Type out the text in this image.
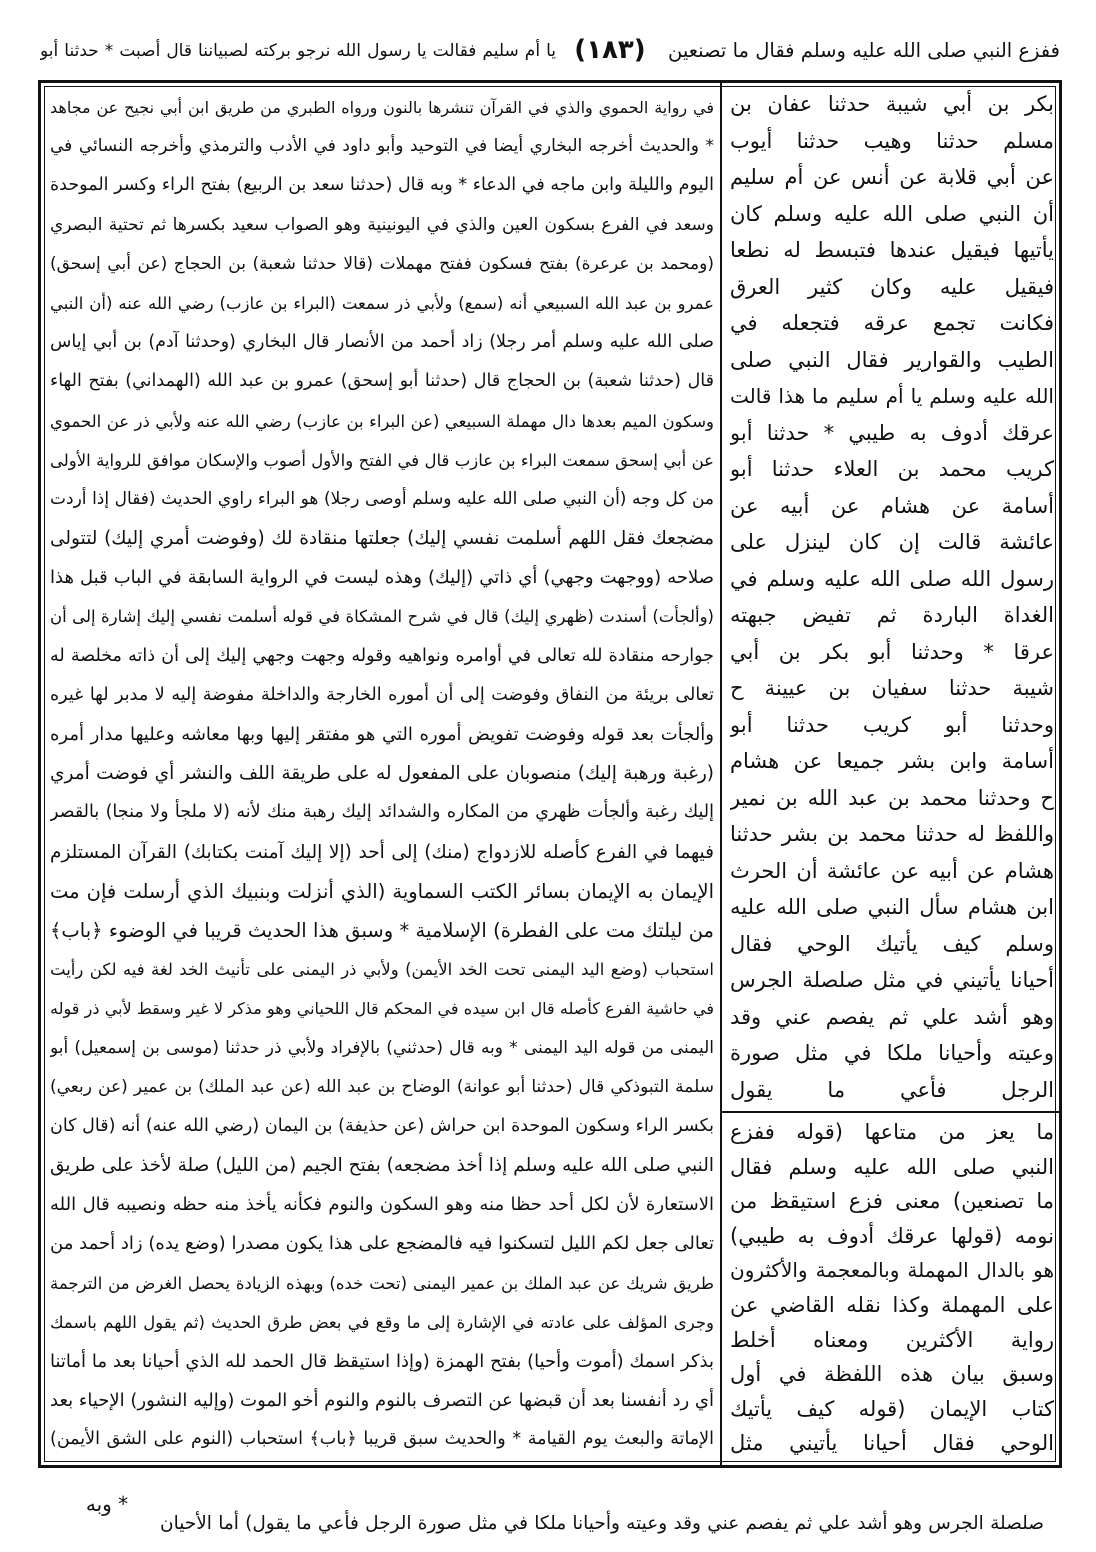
ففزع النبي صلى الله عليه وسلم فقال ما تصنعين
(١٨٣)
يا أم سليم فقالت يا رسول الله نرجو بركته لصبياننا قال أصبت * حدثنا أبو
في رواية الحموي والذي في القرآن تنشرها بالنون ورواه الطبري من طريق ابن أبي نجيح عن مجاهد
* والحديث أخرجه البخاري أيضا في التوحيد وأبو داود في الأدب والترمذي وأخرجه النسائي في
اليوم والليلة وابن ماجه في الدعاء * وبه قال (حدثنا سعد بن الربيع) بفتح الراء وكسر الموحدة
وسعد في الفرع بسكون العين والذي في اليونينية وهو الصواب سعيد بكسرها ثم تحتية البصري
(ومحمد بن عرعرة) بفتح فسكون ففتح مهملات (قالا حدثنا شعبة) بن الحجاج (عن أبي إسحق)
عمرو بن عبد الله السبيعي أنه (سمع) ولأبي ذر سمعت (البراء بن عازب) رضي الله عنه (أن النبي
صلى الله عليه وسلم أمر رجلا) زاد أحمد من الأنصار قال البخاري (وحدثنا آدم) بن أبي إياس
قال (حدثنا شعبة) بن الحجاج قال (حدثنا أبو إسحق) عمرو بن عبد الله (الهمداني) بفتح الهاء
وسكون الميم بعدها دال مهملة السبيعي (عن البراء بن عازب) رضي الله عنه ولأبي ذر عن الحموي
عن أبي إسحق سمعت البراء بن عازب قال في الفتح والأول أصوب والإسكان موافق للرواية الأولى
من كل وجه (أن النبي صلى الله عليه وسلم أوصى رجلا) هو البراء راوي الحديث (فقال إذا أردت
مضجعك فقل اللهم أسلمت نفسي إليك) جعلتها منقادة لك (وفوضت أمري إليك) لتتولى
صلاحه (ووجهت وجهي) أي ذاتي (إليك) وهذه ليست في الرواية السابقة في الباب قبل هذا
(وألجأت) أسندت (ظهري إليك) قال في شرح المشكاة في قوله أسلمت نفسي إليك إشارة إلى أن
جوارحه منقادة لله تعالى في أوامره ونواهيه وقوله وجهت وجهي إليك إلى أن ذاته مخلصة له
تعالى بريئة من النفاق وفوضت إلى أن أموره الخارجة والداخلة مفوضة إليه لا مدبر لها غيره
وألجأت بعد قوله وفوضت تفويض أموره التي هو مفتقر إليها وبها معاشه وعليها مدار أمره
(رغبة ورهبة إليك) منصوبان على المفعول له على طريقة اللف والنشر أي فوضت أمري
إليك رغبة وألجأت ظهري من المكاره والشدائد إليك رهبة منك لأنه (لا ملجأ ولا منجا) بالقصر
فيهما في الفرع كأصله للازدواج (منك) إلى أحد (إلا إليك آمنت بكتابك) القرآن المستلزم
الإيمان به الإيمان بسائر الكتب السماوية (الذي أنزلت وبنبيك الذي أرسلت فإن مت
من ليلتك مت على الفطرة) الإسلامية * وسبق هذا الحديث قريبا في الوضوء ﴿باب﴾
استحباب (وضع اليد اليمنى تحت الخد الأيمن) ولأبي ذر اليمنى على تأنيث الخد لغة فيه لكن رأيت
في حاشية الفرع كأصله قال ابن سيده في المحكم قال اللحياني وهو مذكر لا غير وسقط لأبي ذر قوله
اليمنى من قوله اليد اليمنى * وبه قال (حدثني) بالإفراد ولأبي ذر حدثنا (موسى بن إسمعيل) أبو
سلمة التبوذكي قال (حدثنا أبو عوانة) الوضاح بن عبد الله (عن عبد الملك) بن عمير (عن ربعي)
بكسر الراء وسكون الموحدة ابن حراش (عن حذيفة) بن اليمان (رضي الله عنه) أنه (قال كان
النبي صلى الله عليه وسلم إذا أخذ مضجعه) بفتح الجيم (من الليل) صلة لأخذ على طريق
الاستعارة لأن لكل أحد حظا منه وهو السكون والنوم فكأنه يأخذ منه حظه ونصيبه قال الله
تعالى جعل لكم الليل لتسكنوا فيه فالمضجع على هذا يكون مصدرا (وضع يده) زاد أحمد من
طريق شريك عن عبد الملك بن عمير اليمنى (تحت خده) وبهذه الزيادة يحصل الغرض من الترجمة
وجرى المؤلف على عادته في الإشارة إلى ما وقع في بعض طرق الحديث (ثم يقول اللهم باسمك
بذكر اسمك (أموت وأحيا) بفتح الهمزة (وإذا استيقظ قال الحمد لله الذي أحيانا بعد ما أماتنا
أي رد أنفسنا بعد أن قبضها عن التصرف بالنوم والنوم أخو الموت (وإليه النشور) الإحياء بعد
الإماتة والبعث يوم القيامة * والحديث سبق قريبا ﴿باب﴾ استحباب (النوم على الشق الأيمن)
بكر بن أبي شيبة حدثنا عفان بن
مسلم حدثنا وهيب حدثنا أيوب
عن أبي قلابة عن أنس عن أم سليم
أن النبي صلى الله عليه وسلم كان
يأتيها فيقيل عندها فتبسط له نطعا
فيقيل عليه وكان كثير العرق
فكانت تجمع عرقه فتجعله في
الطيب والقوارير فقال النبي صلى
الله عليه وسلم يا أم سليم ما هذا قالت
عرقك أدوف به طيبي * حدثنا أبو
كريب محمد بن العلاء حدثنا أبو
أسامة عن هشام عن أبيه عن
عائشة قالت إن كان لينزل على
رسول الله صلى الله عليه وسلم في
الغداة الباردة ثم تفيض جبهته
عرقا * وحدثنا أبو بكر بن أبي
شيبة حدثنا سفيان بن عيينة ح
وحدثنا أبو كريب حدثنا أبو
أسامة وابن بشر جميعا عن هشام
ح وحدثنا محمد بن عبد الله بن نمير
واللفظ له حدثنا محمد بن بشر حدثنا
هشام عن أبيه عن عائشة أن الحرث
ابن هشام سأل النبي صلى الله عليه
وسلم كيف يأتيك الوحي فقال
أحيانا يأتيني في مثل صلصلة الجرس
وهو أشد علي ثم يفصم عني وقد
وعيته وأحيانا ملكا في مثل صورة
الرجل فأعي ما يقول
ما يعز من متاعها (قوله ففزع
النبي صلى الله عليه وسلم فقال
ما تصنعين) معنى فزع استيقظ من
نومه (قولها عرقك أدوف به طيبي)
هو بالدال المهملة وبالمعجمة والأكثرون
على المهملة وكذا نقله القاضي عن
رواية الأكثرين ومعناه أخلط
وسبق بيان هذه اللفظة في أول
كتاب الإيمان (قوله كيف يأتيك
الوحي فقال أحيانا يأتيني مثل
* وبه
صلصلة الجرس وهو أشد علي ثم يفصم عني وقد وعيته وأحيانا ملكا في مثل صورة الرجل فأعي ما يقول) أما الأحيان
